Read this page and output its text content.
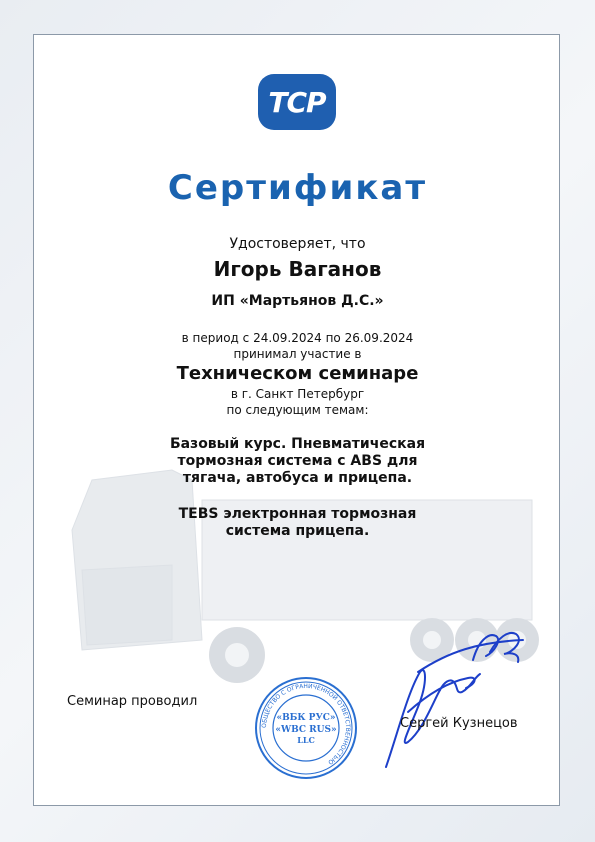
TCP
Сертификат
Удостоверяет, что
Игорь Ваганов
ИП «Мартьянов Д.С.»
в период с 24.09.2024 по 26.09.2024
принимал участие в
Техническом семинаре
в г. Санкт Петербург
по следующим темам:
Базовый курс. Пневматическая
тормозная система с ABS для
тягача, автобуса и прицепа.
TEBS электронная тормозная
система прицепа.
Семинар проводил
ОБЩЕСТВО С ОГРАНИЧЕННОЙ ОТВЕТСТВЕННОСТЬЮ
«ВБК РУС»
«WBC RUS»
LLC
Сергей Кузнецов
